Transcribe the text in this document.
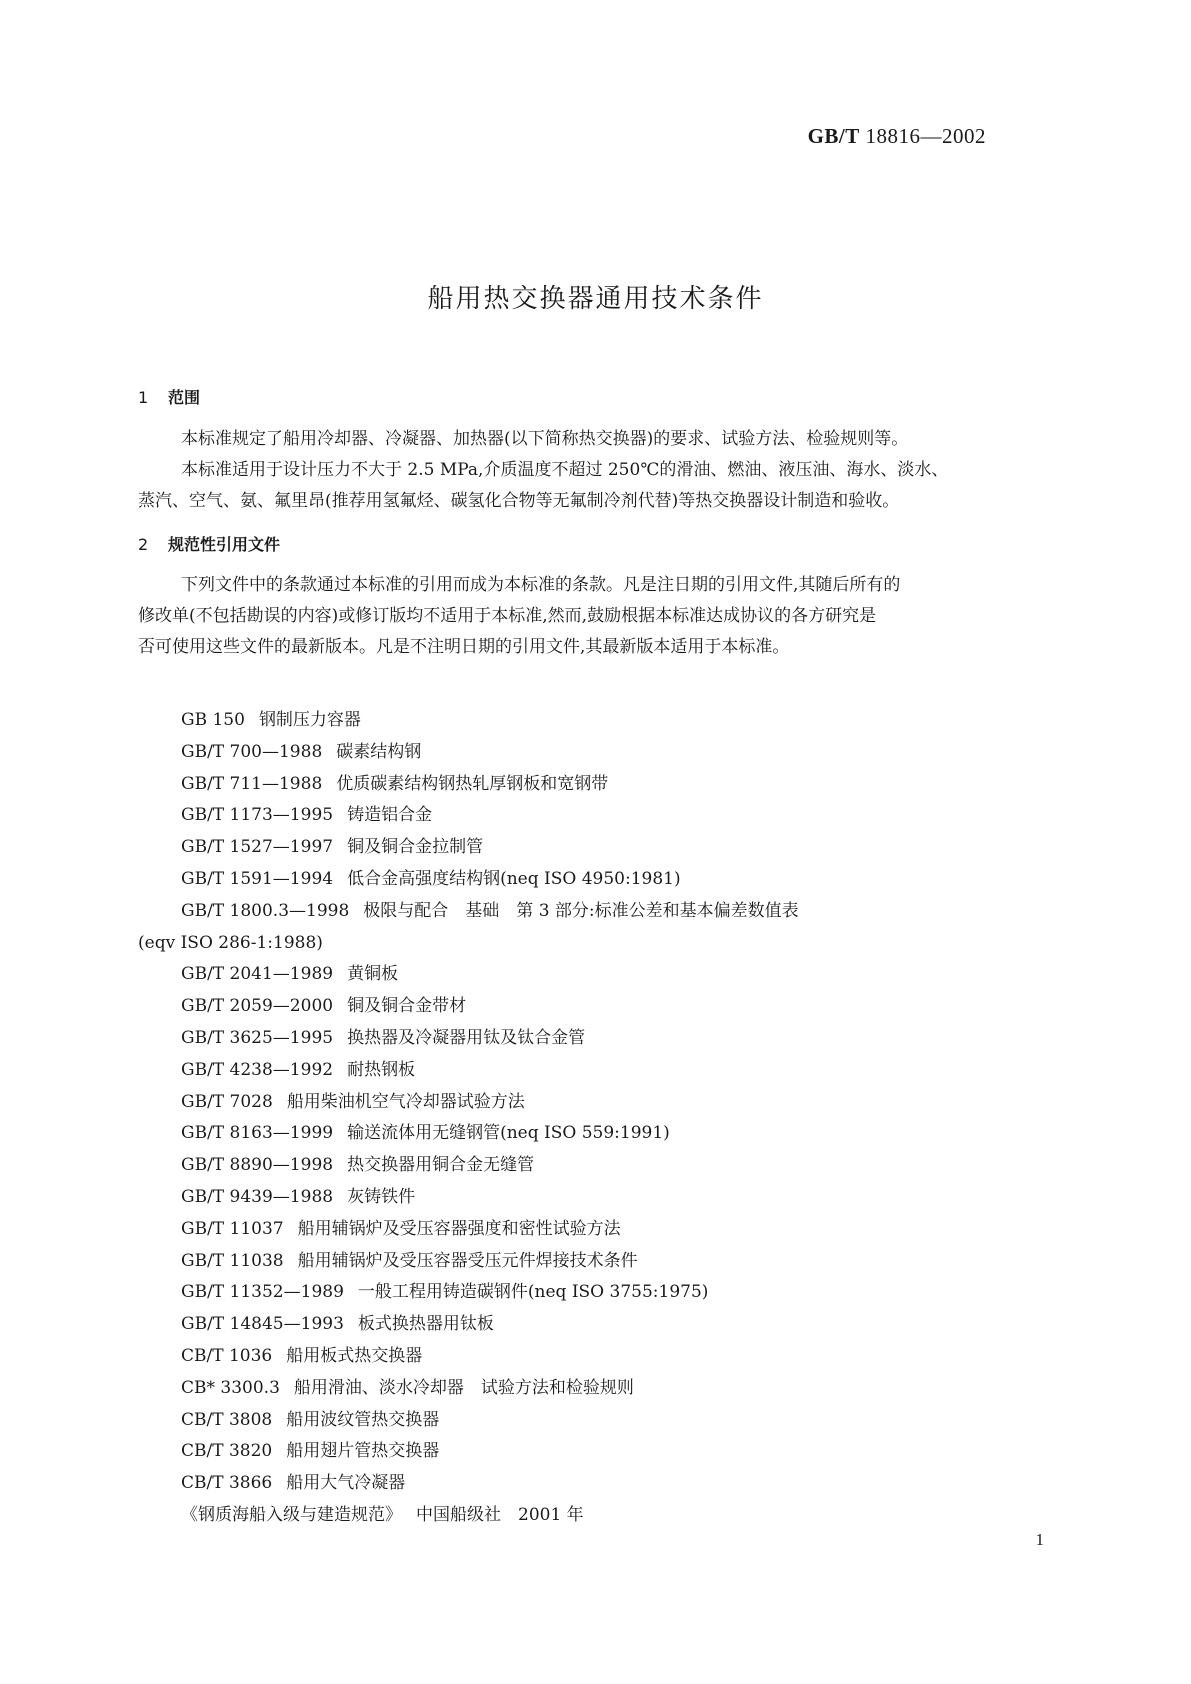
GB/T 18816—2002
船用热交换器通用技术条件
1 范围
本标准规定了船用冷却器、冷凝器、加热器(以下简称热交换器)的要求、试验方法、检验规则等。
本标准适用于设计压力不大于 2.5 MPa,介质温度不超过 250℃的滑油、燃油、液压油、海水、淡水、
蒸汽、空气、氨、氟里昂(推荐用氢氟烃、碳氢化合物等无氟制冷剂代替)等热交换器设计制造和验收。
2 规范性引用文件
下列文件中的条款通过本标准的引用而成为本标准的条款。凡是注日期的引用文件,其随后所有的
修改单(不包括勘误的内容)或修订版均不适用于本标准,然而,鼓励根据本标准达成协议的各方研究是
否可使用这些文件的最新版本。凡是不注明日期的引用文件,其最新版本适用于本标准。
GB 150 钢制压力容器
GB/T 700—1988 碳素结构钢
GB/T 711—1988 优质碳素结构钢热轧厚钢板和宽钢带
GB/T 1173—1995 铸造铝合金
GB/T 1527—1997 铜及铜合金拉制管
GB/T 1591—1994 低合金高强度结构钢(neq ISO 4950:1981)
GB/T 1800.3—1998 极限与配合　基础　第 3 部分:标准公差和基本偏差数值表
(eqv ISO 286-1:1988)
GB/T 2041—1989 黄铜板
GB/T 2059—2000 铜及铜合金带材
GB/T 3625—1995 换热器及冷凝器用钛及钛合金管
GB/T 4238—1992 耐热钢板
GB/T 7028 船用柴油机空气冷却器试验方法
GB/T 8163—1999 输送流体用无缝钢管(neq ISO 559:1991)
GB/T 8890—1998 热交换器用铜合金无缝管
GB/T 9439—1988 灰铸铁件
GB/T 11037 船用辅锅炉及受压容器强度和密性试验方法
GB/T 11038 船用辅锅炉及受压容器受压元件焊接技术条件
GB/T 11352—1989 一般工程用铸造碳钢件(neq ISO 3755:1975)
GB/T 14845—1993 板式换热器用钛板
CB/T 1036 船用板式热交换器
CB* 3300.3 船用滑油、淡水冷却器　试验方法和检验规则
CB/T 3808 船用波纹管热交换器
CB/T 3820 船用翅片管热交换器
CB/T 3866 船用大气冷凝器
《钢质海船入级与建造规范》 中国船级社　2001 年
1
